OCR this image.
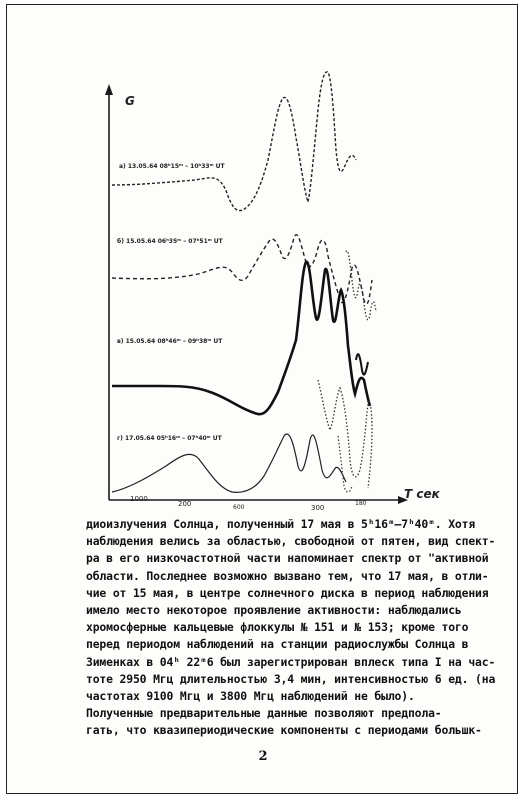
G
T сек
1000
200	600	300
180
а) 13.05.64 08ʰ15ᵐ – 10ʰ33ᵐ UT
б) 15.05.64 06ʰ35ᵐ – 07ʰ51ᵐ UT
в) 15.05.64 08ʰ46ᵐ – 09ʰ38ᵐ UT
г) 17.05.64 05ʰ16ᵐ – 07ʰ40ᵐ UT
диоизлучения Солнца, полученный 17 мая в 5ʰ16ᵐ–7ʰ40ᵐ. Хотя
наблюдения велись за областью, свободной от пятен, вид спект-
ра в его низкочастотной части напоминает спектр от "активной
области. Последнее возможно вызвано тем, что 17 мая, в отли-
чие от 15 мая, в центре солнечного диска в период наблюдения
имело место некоторое проявление активности: наблюдались
хромосферные кальцевые флоккулы № 151 и № 153; кроме того
перед периодом наблюдений на станции радиослужбы Солнца в
Зименках в 04ʰ 22ᵐ6 был зарегистрирован вплеск типа I на час-
тоте 2950 Мгц длительностью 3,4 мин, интенсивностью 6 ед. (на
частотах 9100 Мгц и 3800 Мгц наблюдений не было).
Полученные предварительные данные позволяют предпола-
гать, что квазипериодические компоненты с периодами большк-
2
